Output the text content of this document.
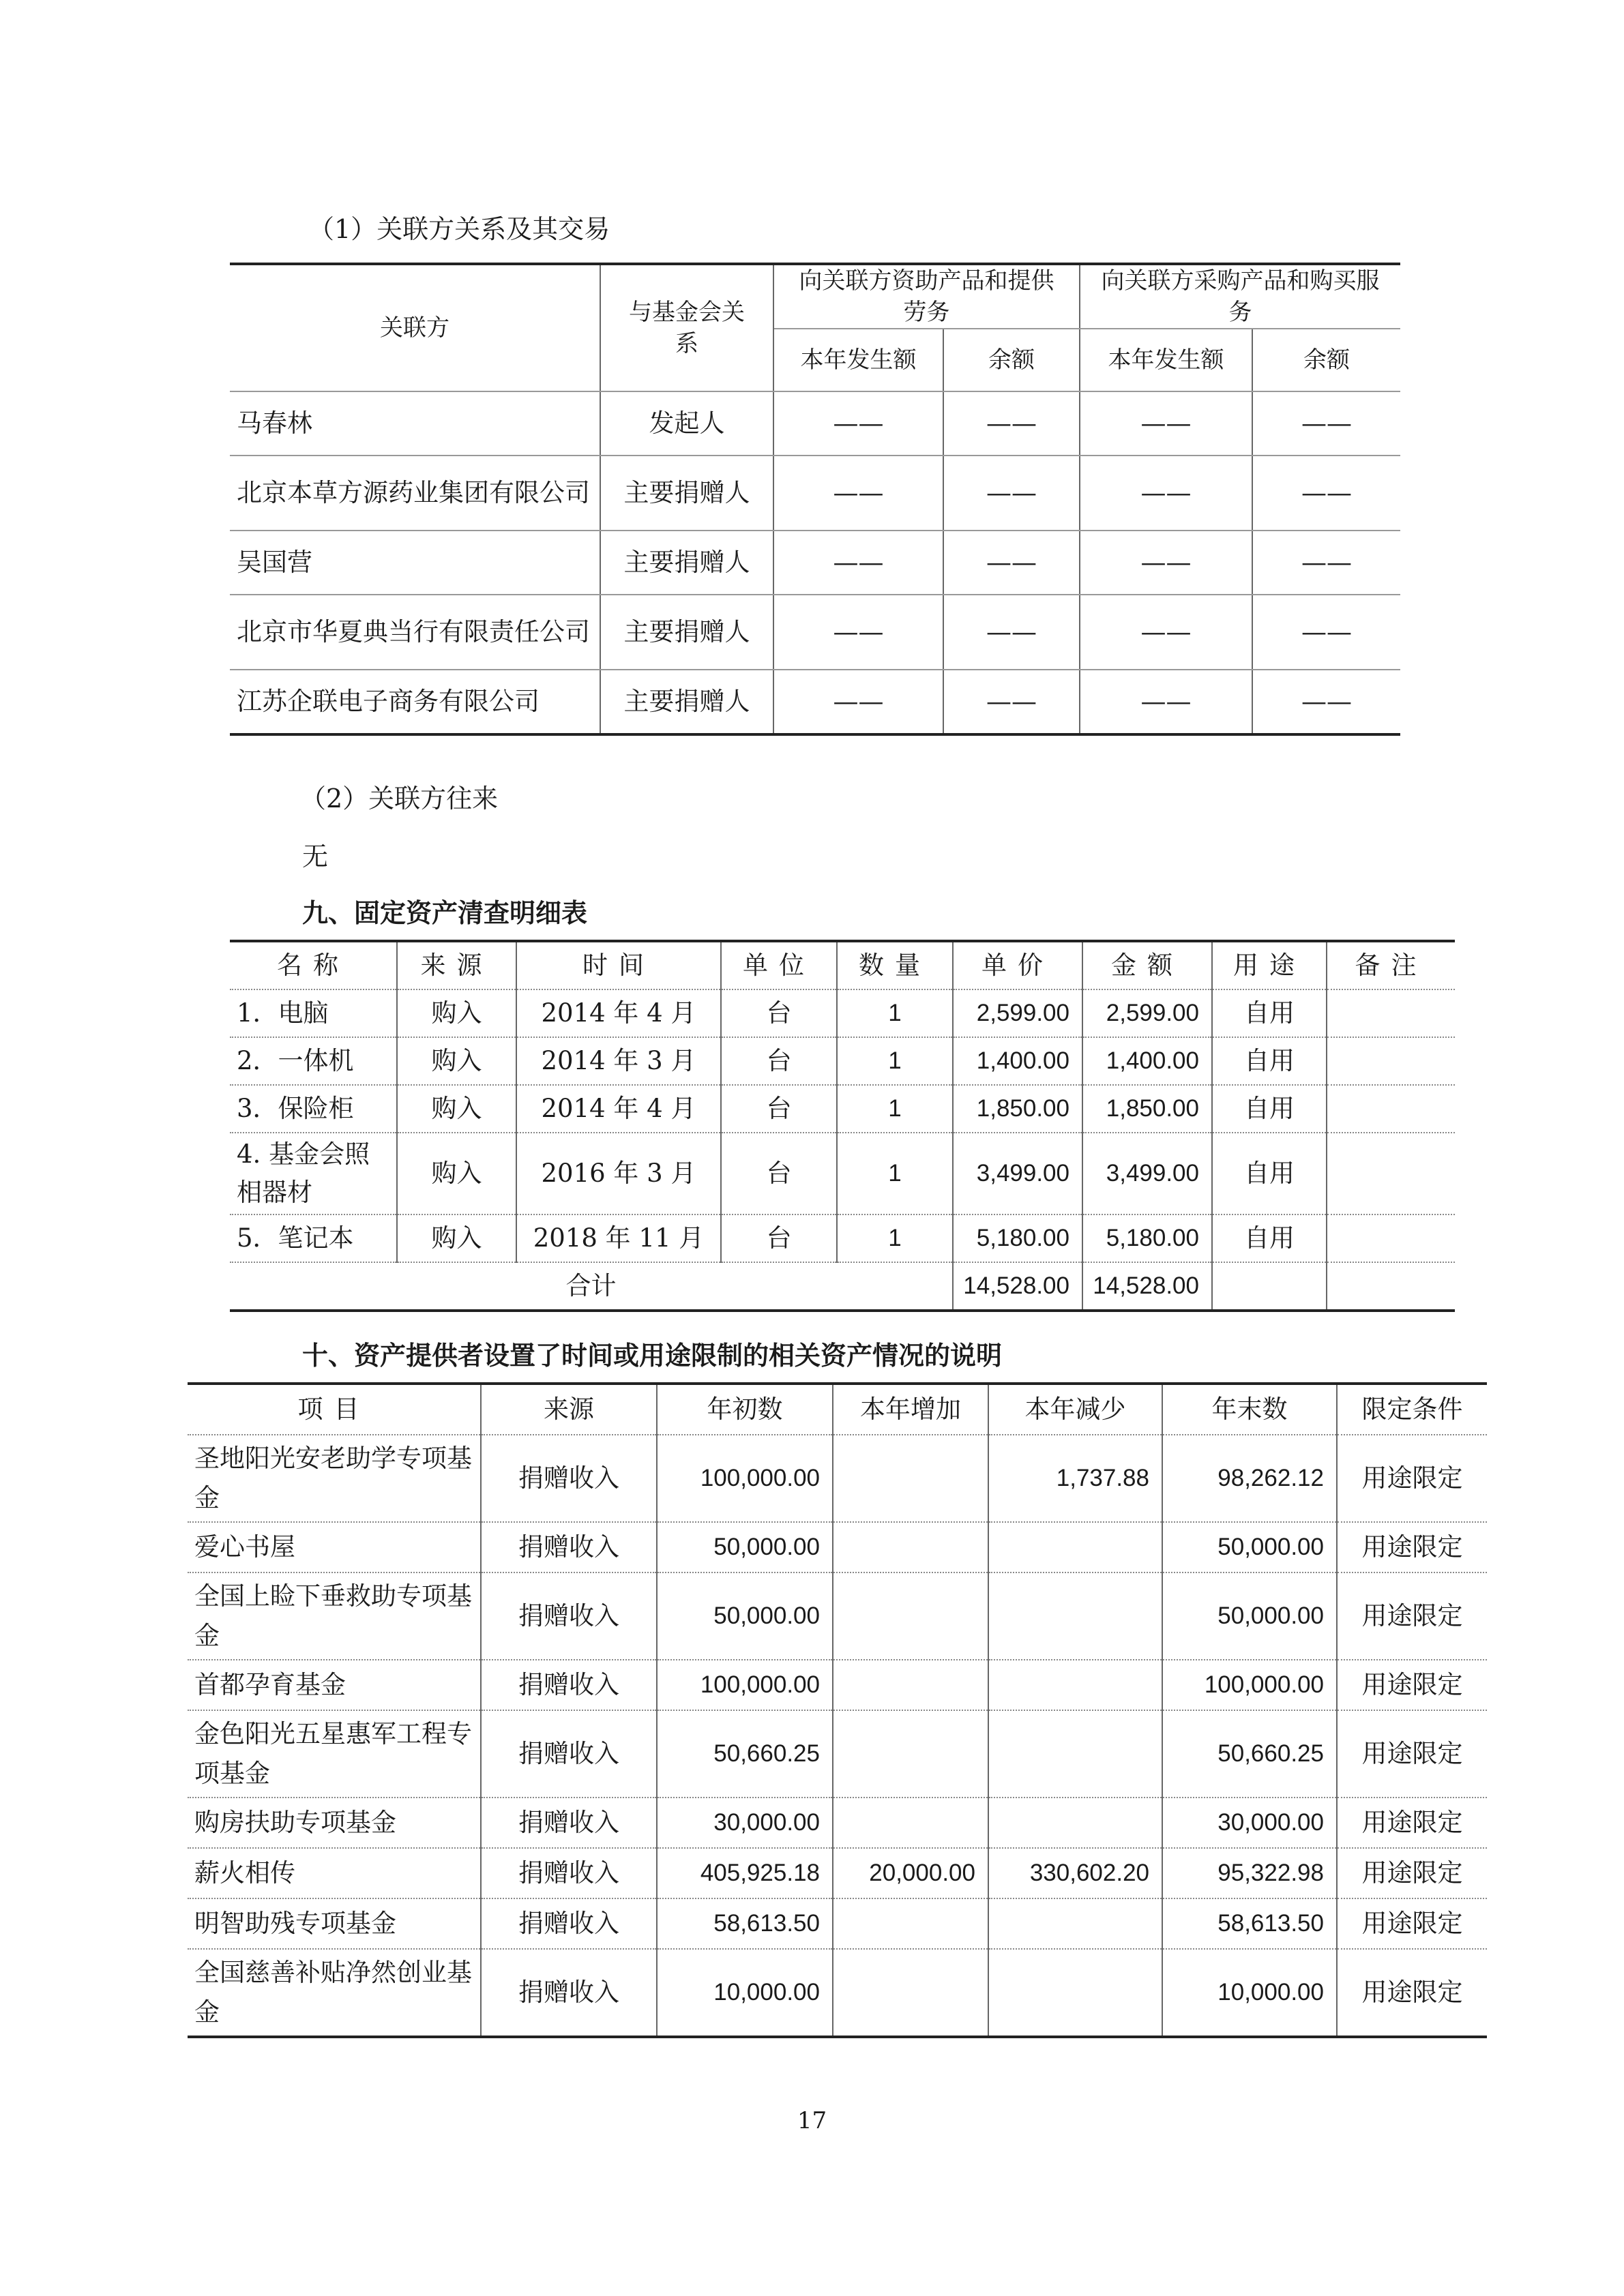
（1）关联方关系及其交易
关联方	与基金会关系	向关联方资助产品和提供劳务		向关联方采购产品和购买服务	
		本年发生额	余额	本年发生额	余额
马春林	发起人	——	——	——	——
北京本草方源药业集团有限公司	主要捐赠人	——	——	——	——
吴国营	主要捐赠人	——	——	——	——
北京市华夏典当行有限责任公司	主要捐赠人	——	——	——	——
江苏企联电子商务有限公司	主要捐赠人	——	——	——	——
（2）关联方往来
无
九、固定资产清查明细表
名称	来源	时间	单位	数量	单价	金额	用途	备注
1．电脑	购入	2014 年 4 月	台	1	2,599.00	2,599.00	自用	
2．一体机	购入	2014 年 3 月	台	1	1,400.00	1,400.00	自用	
3．保险柜	购入	2014 年 4 月	台	1	1,850.00	1,850.00	自用	
4. 基金会照相器材	购入	2016 年 3 月	台	1	3,499.00	3,499.00	自用	
5．笔记本	购入	2018 年 11 月	台	1	5,180.00	5,180.00	自用	
合计					14,528.00	14,528.00		
十、资产提供者设置了时间或用途限制的相关资产情况的说明
项目	来源	年初数	本年增加	本年减少	年末数	限定条件
圣地阳光安老助学专项基金	捐赠收入	100,000.00		1,737.88	98,262.12	用途限定
爱心书屋	捐赠收入	50,000.00			50,000.00	用途限定
全国上睑下垂救助专项基金	捐赠收入	50,000.00			50,000.00	用途限定
首都孕育基金	捐赠收入	100,000.00			100,000.00	用途限定
金色阳光五星惠军工程专项基金	捐赠收入	50,660.25			50,660.25	用途限定
购房扶助专项基金	捐赠收入	30,000.00			30,000.00	用途限定
薪火相传	捐赠收入	405,925.18	20,000.00	330,602.20	95,322.98	用途限定
明智助残专项基金	捐赠收入	58,613.50			58,613.50	用途限定
全国慈善补贴净然创业基金	捐赠收入	10,000.00			10,000.00	用途限定
17
